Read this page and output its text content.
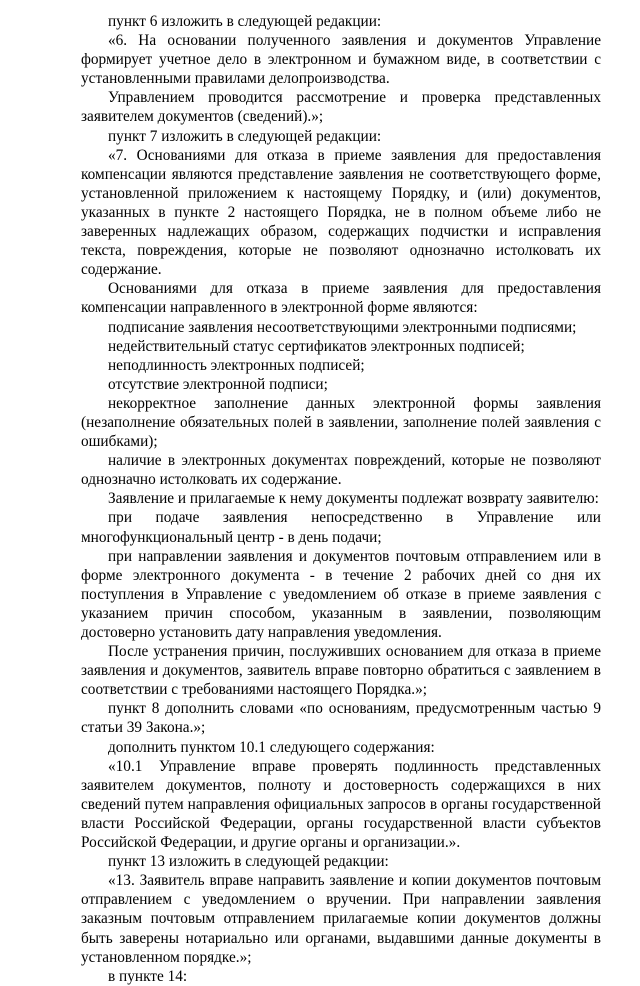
пункт 6 изложить в следующей редакции:

«6. На основании полученного заявления и документов Управление формирует учетное дело в электронном и бумажном виде, в соответствии с установленными правилами делопроизводства.

Управлением проводится рассмотрение и проверка представленных заявителем документов (сведений).»;

пункт 7 изложить в следующей редакции:

«7. Основаниями для отказа в приеме заявления для предоставления компенсации являются представление заявления не соответствующего форме, установленной приложением к настоящему Порядку, и (или) документов, указанных в пункте 2 настоящего Порядка, не в полном объеме либо не заверенных надлежащих образом, содержащих подчистки и исправления текста, повреждения, которые не позволяют однозначно истолковать их содержание.

Основаниями для отказа в приеме заявления для предоставления компенсации направленного в электронной форме являются:

подписание заявления несоответствующими электронными подписями;

недействительный статус сертификатов электронных подписей;

неподлинность электронных подписей;

отсутствие электронной подписи;

некорректное заполнение данных электронной формы заявления (незаполнение обязательных полей в заявлении, заполнение полей заявления с ошибками);

наличие в электронных документах повреждений, которые не позволяют однозначно истолковать их содержание.

Заявление и прилагаемые к нему документы подлежат возврату заявителю:

при подаче заявления непосредственно в Управление или многофункциональный центр - в день подачи;

при направлении заявления и документов почтовым отправлением или в форме электронного документа - в течение 2 рабочих дней со дня их поступления в Управление с уведомлением об отказе в приеме заявления с указанием причин способом, указанным в заявлении, позволяющим достоверно установить дату направления уведомления.

После устранения причин, послуживших основанием для отказа в приеме заявления и документов, заявитель вправе повторно обратиться с заявлением в соответствии с требованиями настоящего Порядка.»;

пункт 8 дополнить словами «по основаниям, предусмотренным частью 9 статьи 39 Закона.»;

дополнить пунктом 10.1 следующего содержания:

«10.1 Управление вправе проверять подлинность представленных заявителем документов, полноту и достоверность содержащихся в них сведений путем направления официальных запросов в органы государственной власти Российской Федерации, органы государственной власти субъектов Российской Федерации, и другие органы и организации.».

пункт 13 изложить в следующей редакции:

«13. Заявитель вправе направить заявление и копии документов почтовым отправлением с уведомлением о вручении. При направлении заявления заказным почтовым отправлением прилагаемые копии документов должны быть заверены нотариально или органами, выдавшими данные документы в установленном порядке.»;

в пункте 14:
